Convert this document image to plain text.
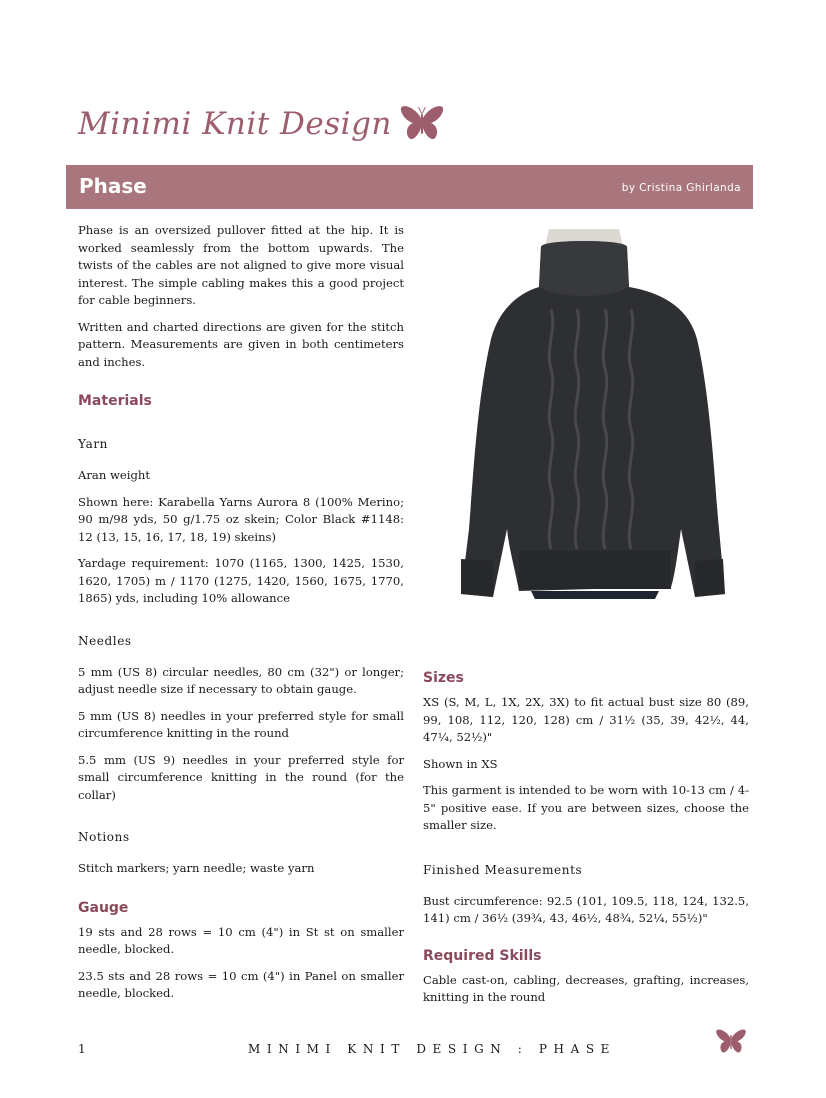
Minimi Knit Design
Phase	by Cristina Ghirlanda

Phase is an oversized pullover fitted at the hip. It is worked seamlessly from the bottom upwards. The twists of the cables are not aligned to give more visual interest. The simple cabling makes this a good project for cable beginners.

Written and charted directions are given for the stitch pattern. Measurements are given in both centimeters and inches.

Materials
Yarn

Aran weight

Shown here: Karabella Yarns Aurora 8 (100% Merino; 90 m/98 yds, 50 g/1.75 oz skein; Color Black #1148: 12 (13, 15, 16, 17, 18, 19) skeins)

Yardage requirement: 1070 (1165, 1300, 1425, 1530, 1620, 1705) m / 1170 (1275, 1420, 1560, 1675, 1770, 1865) yds, including 10% allowance

Needles

5 mm (US 8) circular needles, 80 cm (32") or longer; adjust needle size if necessary to obtain gauge.

5 mm (US 8) needles in your preferred style for small circumference knitting in the round

5.5 mm (US 9) needles in your preferred style for small circumference knitting in the round (for the collar)

Notions

Stitch markers; yarn needle; waste yarn

Gauge

19 sts and 28 rows = 10 cm (4") in St st on smaller needle, blocked.

23.5 sts and 28 rows = 10 cm (4") in Panel on smaller needle, blocked.

Sizes

XS (S, M, L, 1X, 2X, 3X) to fit actual bust size 80 (89, 99, 108, 112, 120, 128) cm / 31½ (35, 39, 42½, 44, 47¼, 52½)"

Shown in XS

This garment is intended to be worn with 10-13 cm / 4-5" positive ease. If you are between sizes, choose the smaller size.

Finished Measurements

Bust circumference: 92.5 (101, 109.5, 118, 124, 132.5, 141) cm / 36½ (39¾, 43, 46½, 48¾, 52¼, 55½)"

Required Skills

Cable cast-on, cabling, decreases, grafting, increases, knitting in the round

1	MINIMI KNIT DESIGN : PHASE
